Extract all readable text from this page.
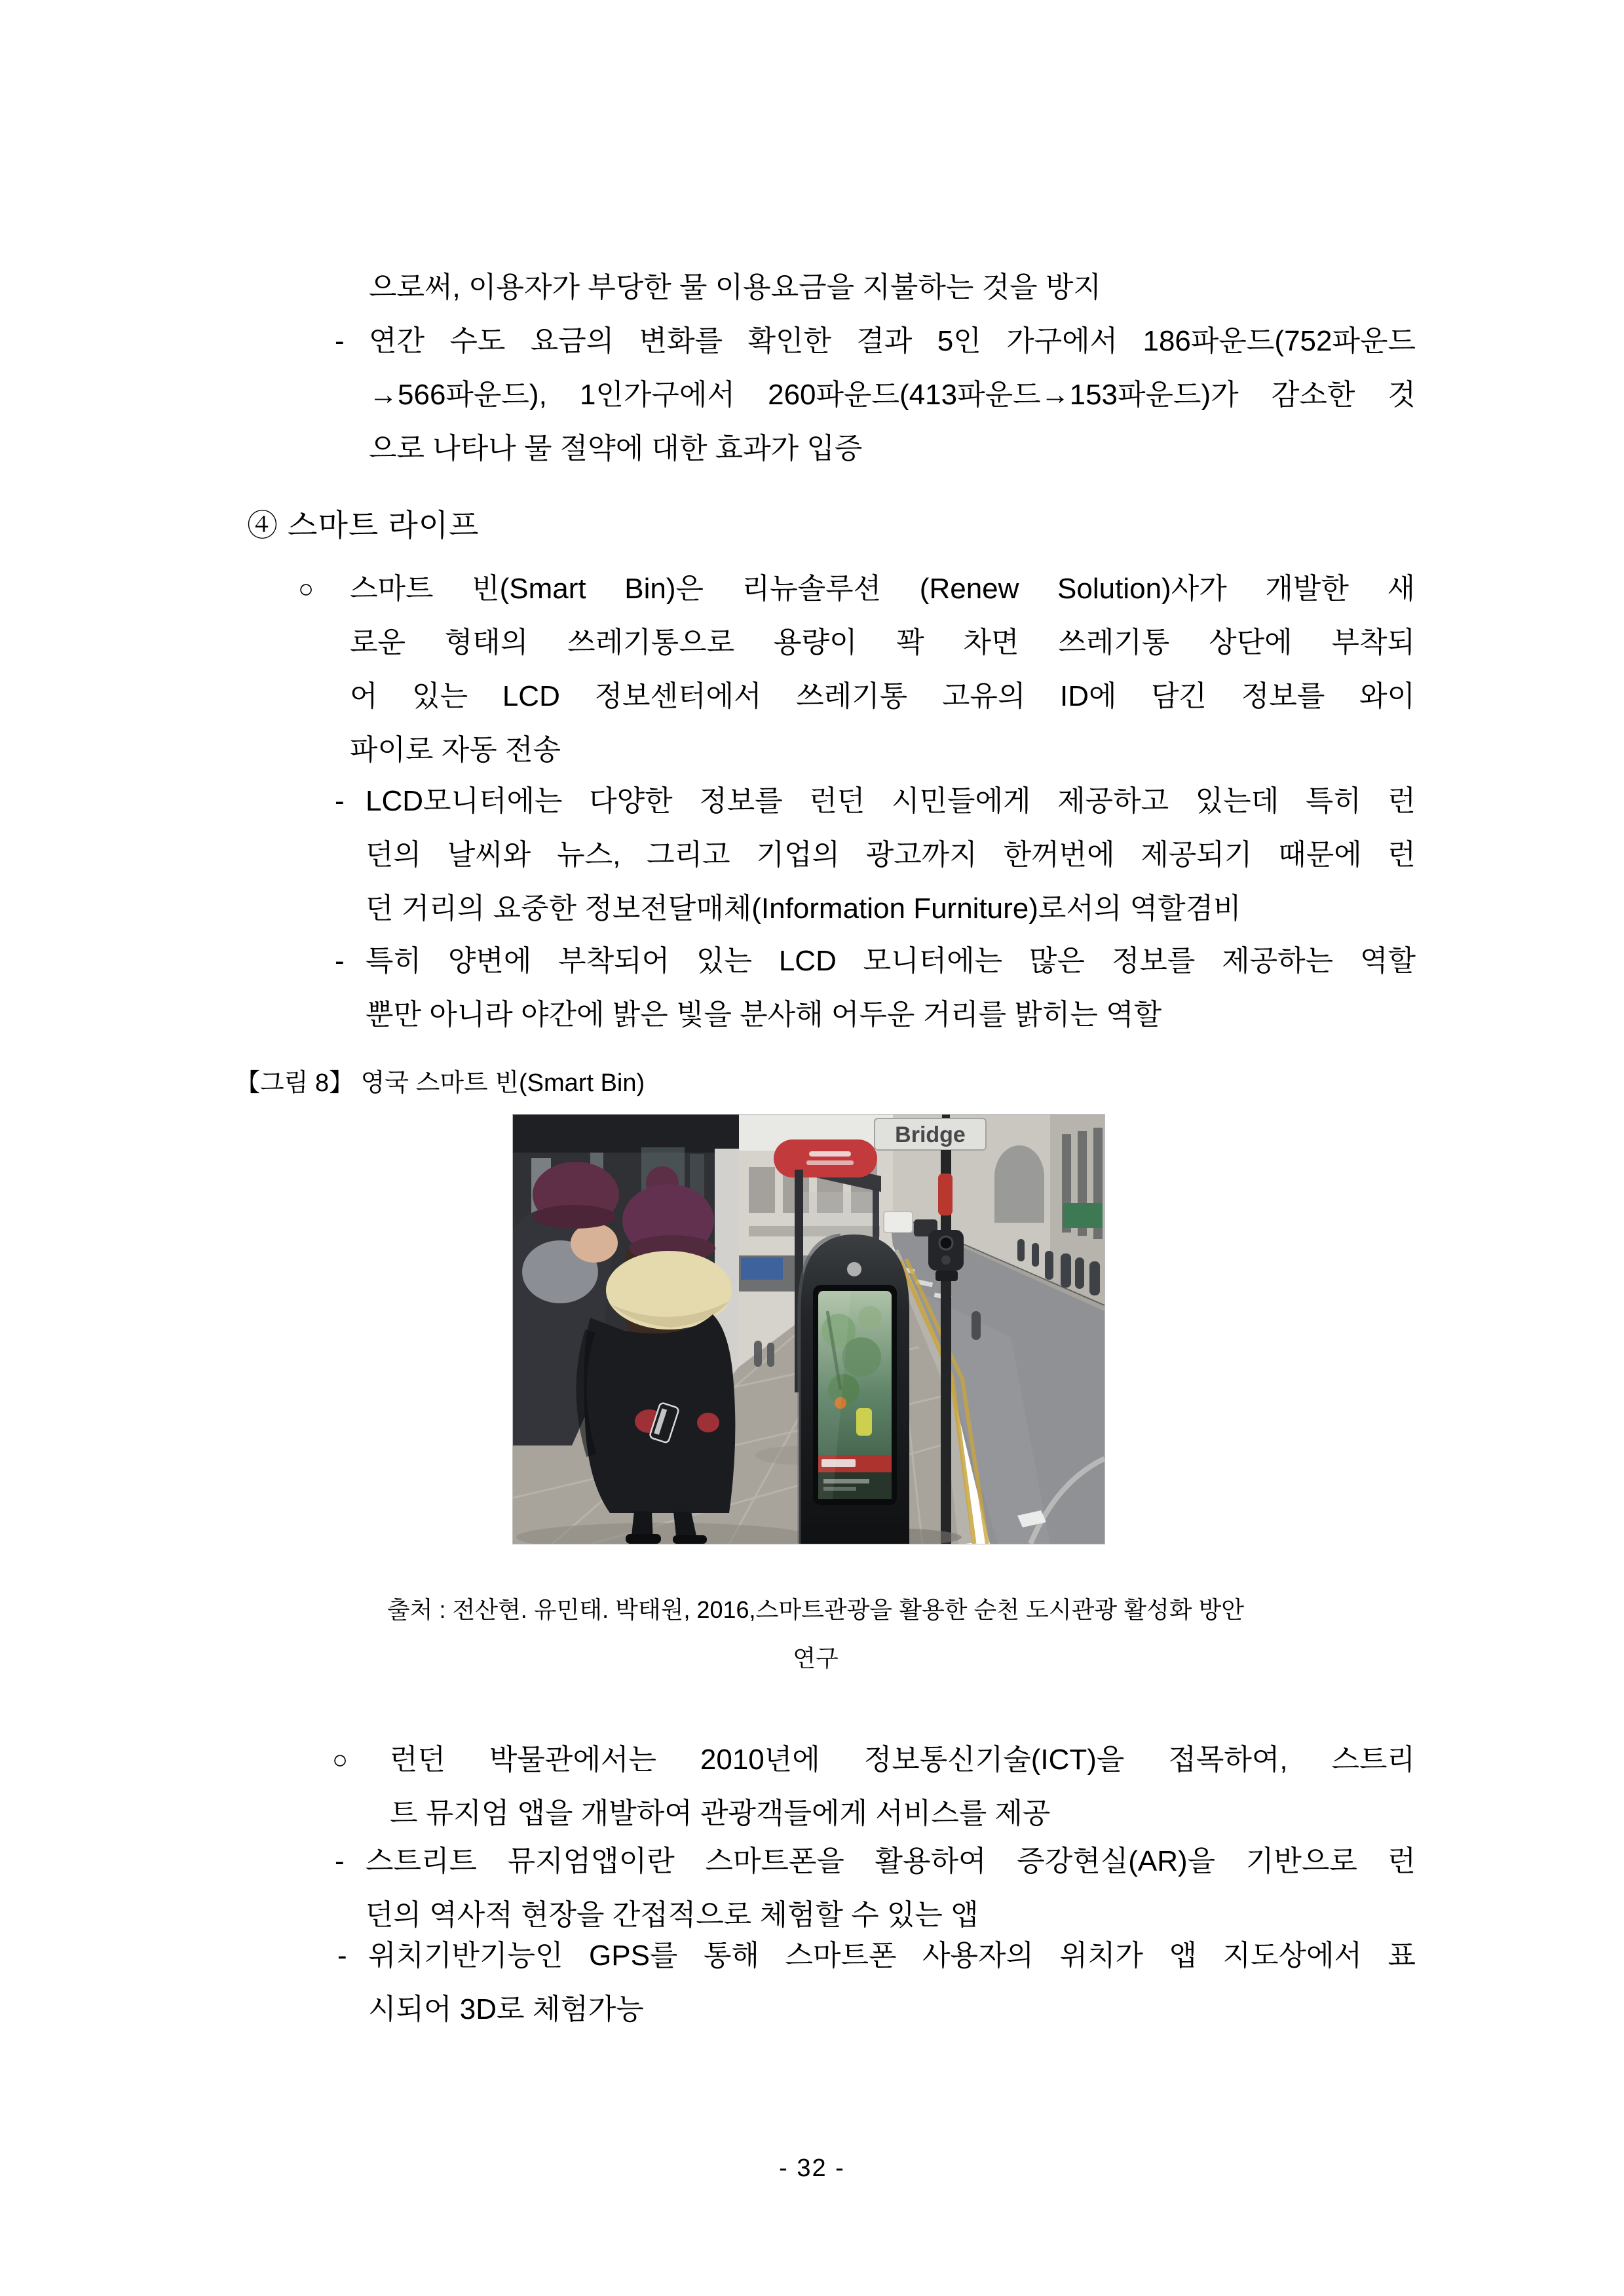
으로써, 이용자가 부당한 물 이용요금을 지불하는 것을 방지
- 연간 수도 요금의 변화를 확인한 결과 5인 가구에서 186파운드(752파운드
→566파운드), 1인가구에서 260파운드(413파운드→153파운드)가 감소한 것
으로 나타나 물 절약에 대한 효과가 입증
④ 스마트 라이프
○	스마트 빈(Smart Bin)은 리뉴솔루션 (Renew Solution)사가 개발한 새
로운 형태의 쓰레기통으로 용량이 꽉 차면 쓰레기통 상단에 부착되
어 있는 LCD 정보센터에서 쓰레기통 고유의 ID에 담긴 정보를 와이
파이로 자동 전송
- LCD모니터에는 다양한 정보를 런던 시민들에게 제공하고 있는데 특히 런
던의 날씨와 뉴스, 그리고 기업의 광고까지 한꺼번에 제공되기 때문에 런
던 거리의 요중한 정보전달매체(Information Furniture)로서의 역할겸비
- 특히 양변에 부착되어 있는 LCD 모니터에는 많은 정보를 제공하는 역할
뿐만 아니라 야간에 밝은 빛을 분사해 어두운 거리를 밝히는 역할
【그림 8】 영국 스마트 빈(Smart Bin)
Bridge
출처 : 전산현. 유민태. 박태원, 2016,스마트관광을 활용한 순천 도시관광 활성화 방안
연구
○	런던 박물관에서는 2010년에 정보통신기술(ICT)을 접목하여, 스트리
트 뮤지엄 앱을 개발하여 관광객들에게 서비스를 제공
- 스트리트 뮤지엄앱이란 스마트폰을 활용하여 증강현실(AR)을 기반으로 런
던의 역사적 현장을 간접적으로 체험할 수 있는 앱
- 위치기반기능인 GPS를 통해 스마트폰 사용자의 위치가 앱 지도상에서 표
시되어 3D로 체험가능
- 32 -
